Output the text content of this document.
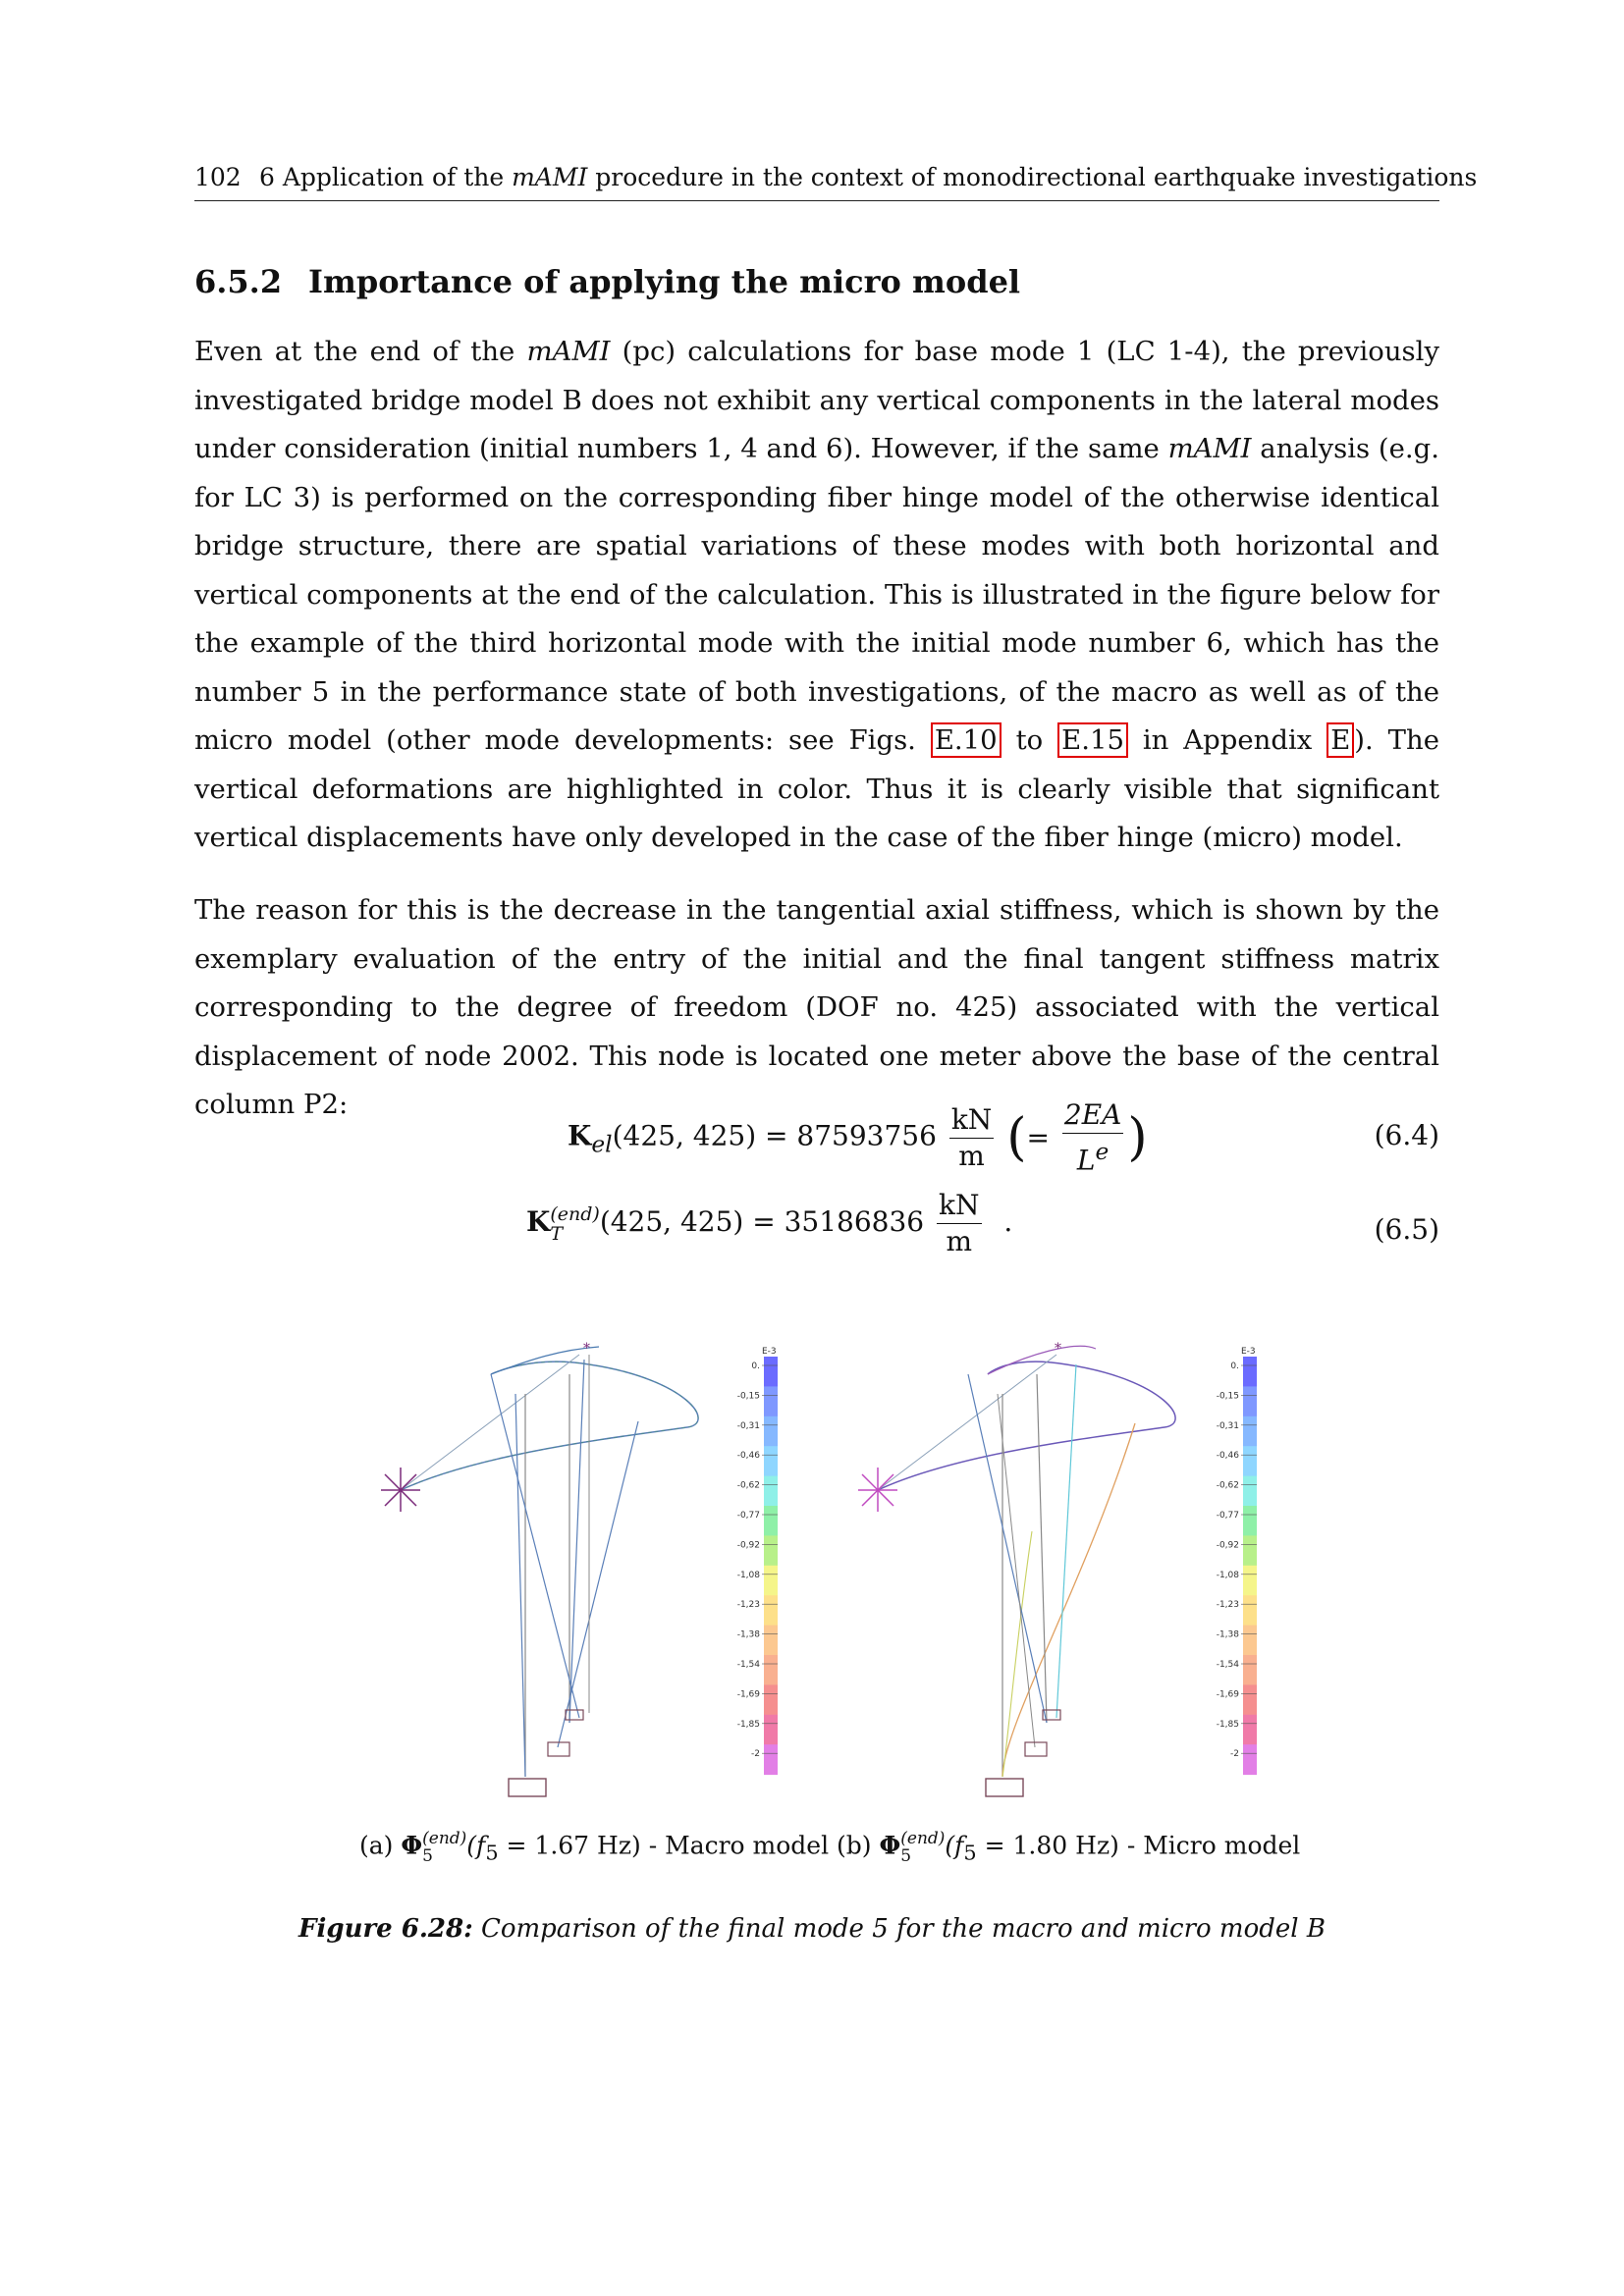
102 6 Application of the mAMI procedure in the context of monodirectional earthquake investigations
6.5.2 Importance of applying the micro model
Even at the end of the mAMI (pc) calculations for base mode 1 (LC 1-4), the previously investigated bridge model B does not exhibit any vertical components in the lateral modes under consideration (initial numbers 1, 4 and 6). However, if the same mAMI analysis (e.g. for LC 3) is performed on the corresponding fiber hinge model of the otherwise identical bridge structure, there are spatial variations of these modes with both horizontal and vertical components at the end of the calculation. This is illustrated in the figure below for the example of the third horizontal mode with the initial mode number 6, which has the number 5 in the performance state of both investigations, of the macro as well as of the micro model (other mode developments: see Figs. E.10 to E.15 in Appendix E ). The vertical deformations are highlighted in color. Thus it is clearly visible that significant vertical displacements have only developed in the case of the fiber hinge (micro) model.
The reason for this is the decrease in the tangential axial stiffness, which is shown by the exemplary evaluation of the entry of the initial and the final tangent stiffness matrix corresponding to the degree of freedom (DOF no. 425) associated with the vertical displacement of node 2002. This node is located one meter above the base of the central column P2:
$K_{el}(425$, $425) = 87593756 \frac{kN}{m}$ (= $\frac{2EA}{L^e}$ )	(6.4)
K(end)
T (425, $425) = 35186836 \frac{kN}{m}$ .	(6.5)
*	E-3
0.
-0,15
-0,31
-0,46
-0,62
-0,77
-0,92
-1,08
-1,23
-1,38
-1,54
-1,69
-1,85
-2
*	E-3
0.
-0,15
-0,31
-0,46
-0,62
-0,77
-0,92
-1,08
-1,23
-1,38
-1,54
-1,69
-1,85
-2
(a) Φ(end)
5 ($f_5 = 1.67$ Hz) - Macro model (b) Φ(end)
5 ($f_5 = 1.80$ Hz) - Micro model
Figure 6.28: Comparison of the final mode 5 for the macro and micro model B
